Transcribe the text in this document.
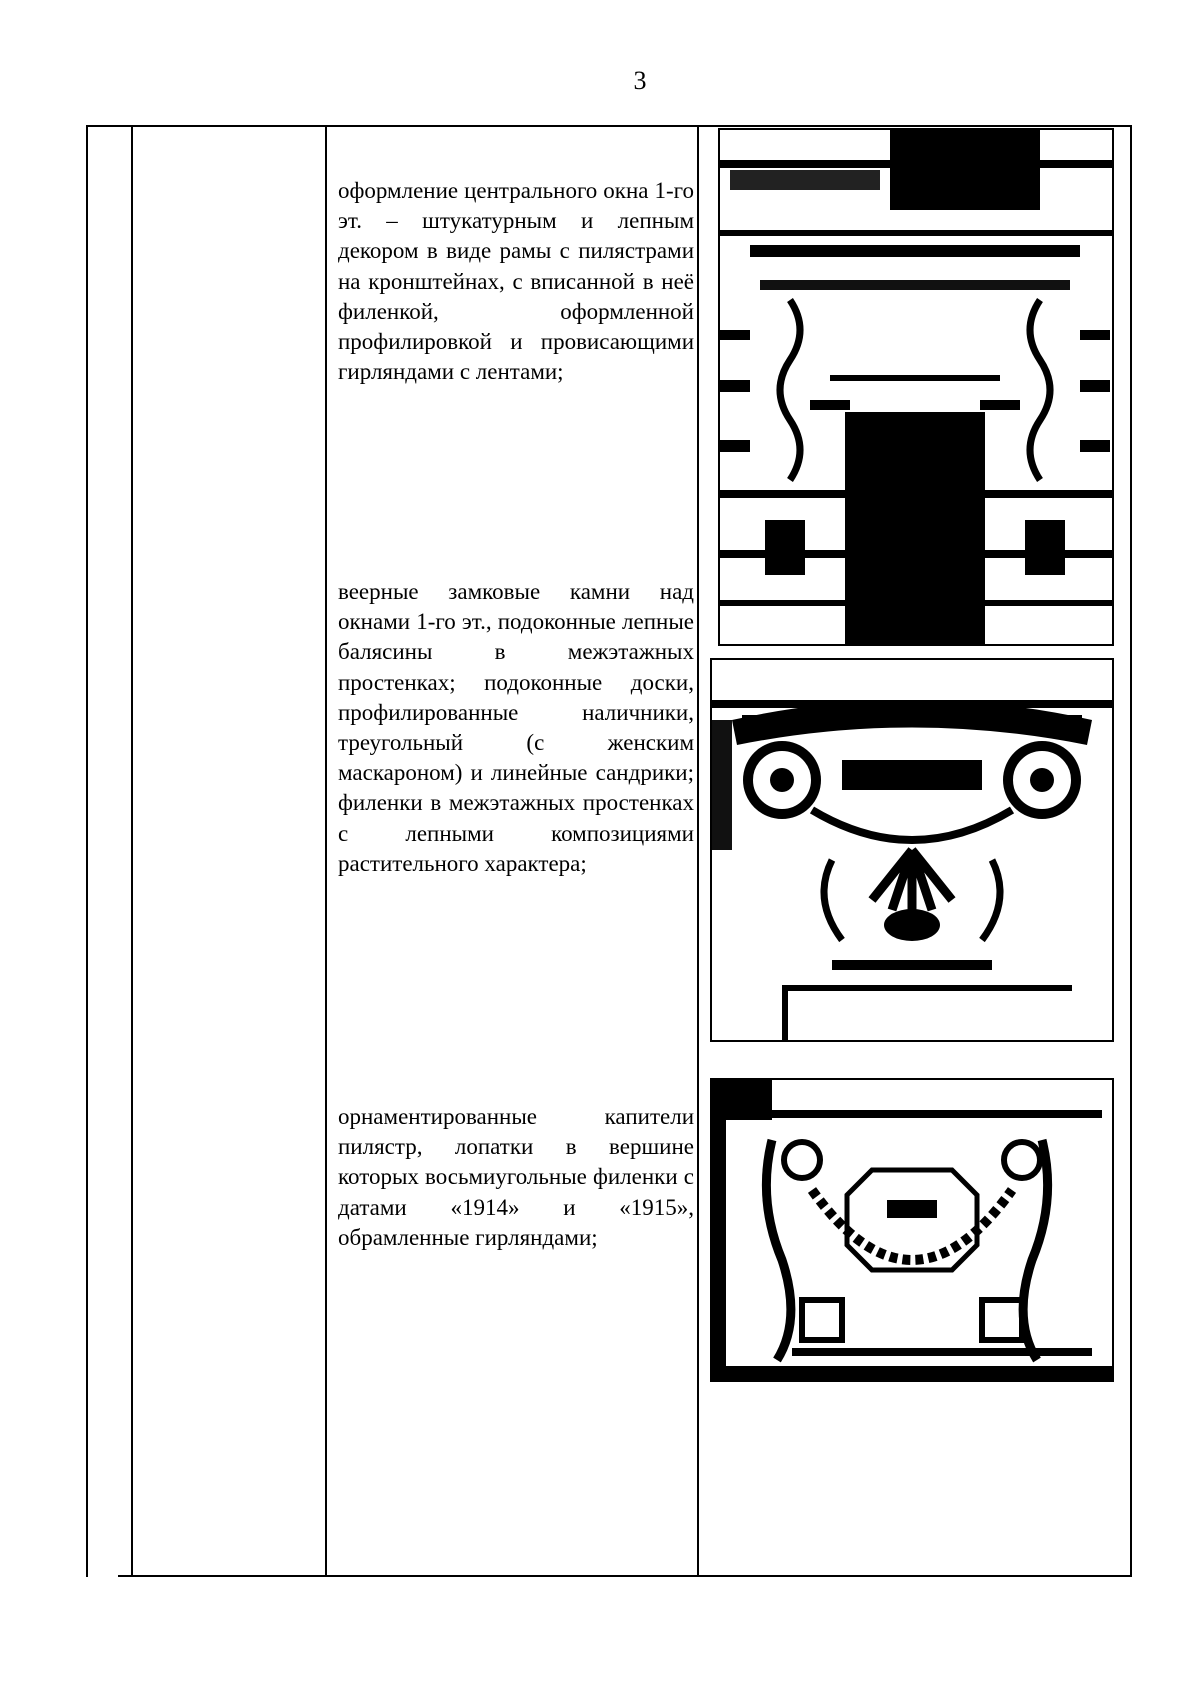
3
оформление центрального окна 1-го эт. – штукатурным и лепным декором в виде рамы с пилястрами на кронштейнах, с вписанной в неё филенкой, оформленной профилировкой и провисающими гирляндами с лентами;
веерные замковые камни над окнами 1-го эт., подоконные лепные балясины в межэтажных простенках; подоконные доски, профилированные наличники, треугольный (с женским маскароном) и линейные сандрики; филенки в межэтажных простенках с лепными композициями растительного характера;
орнаментированные капители пилястр, лопатки в вершине которых восьмиугольные филенки с датами «1914» и «1915», обрамленные гирляндами;
